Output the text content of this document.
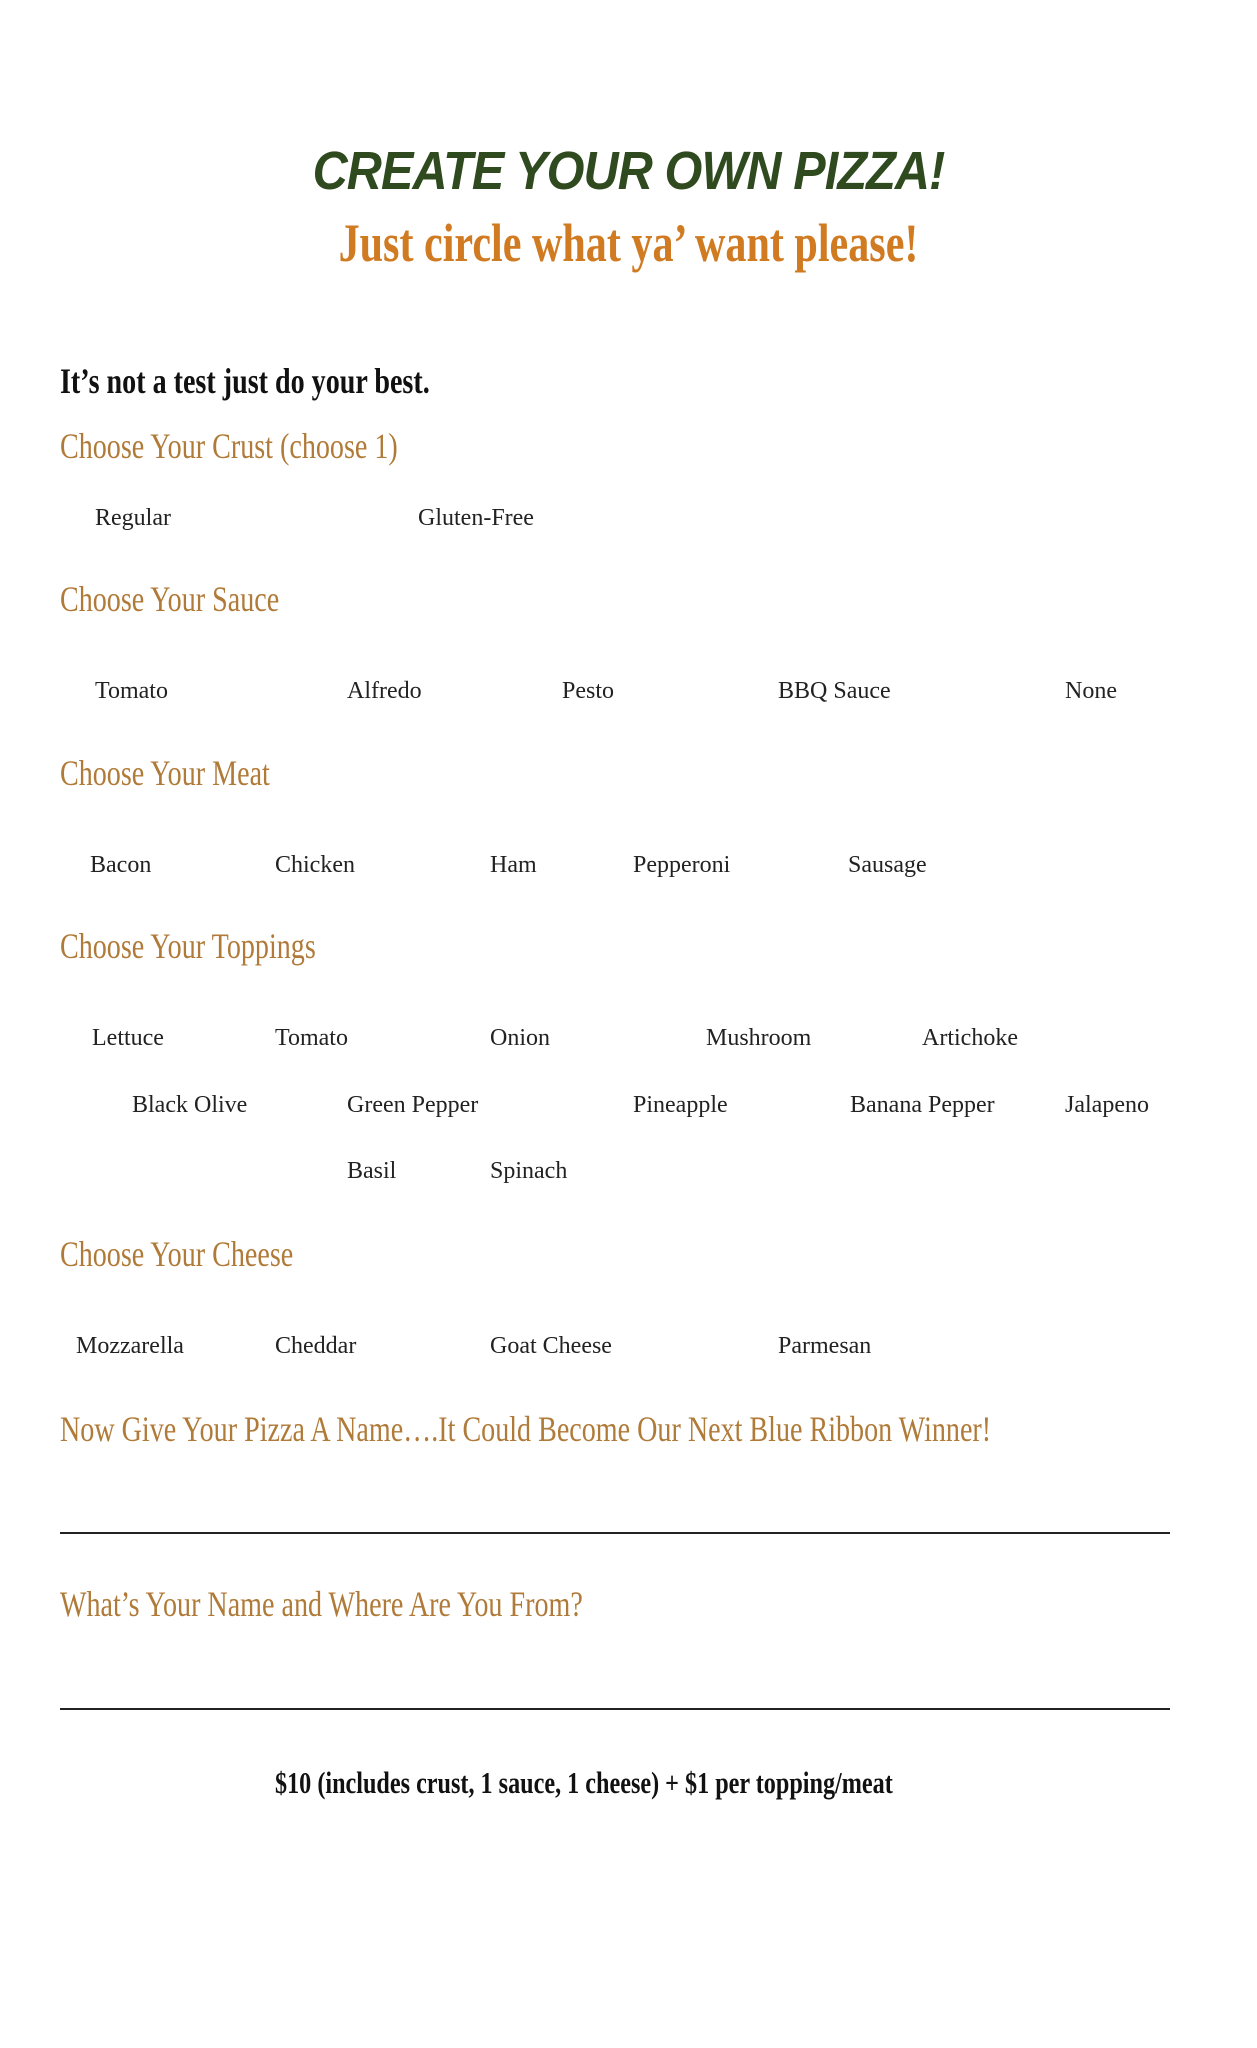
CREATE YOUR OWN PIZZA!
Just circle what ya’ want please!
It’s not a test just do your best.
Choose Your Crust (choose 1)
Regular	Gluten-Free
Choose Your Sauce
Tomato	Alfredo	Pesto	BBQ Sauce	None
Choose Your Meat
Bacon	Chicken	Ham	Pepperoni	Sausage
Choose Your Toppings
Lettuce	Tomato	Onion	Mushroom	Artichoke
Black Olive	Green Pepper	Pineapple	Banana Pepper	Jalapeno
Basil	Spinach
Choose Your Cheese
Mozzarella	Cheddar	Goat Cheese	Parmesan
Now Give Your Pizza A Name….It Could Become Our Next Blue Ribbon Winner!
What’s Your Name and Where Are You From?
$10 (includes crust, 1 sauce, 1 cheese) + $1 per topping/meat
